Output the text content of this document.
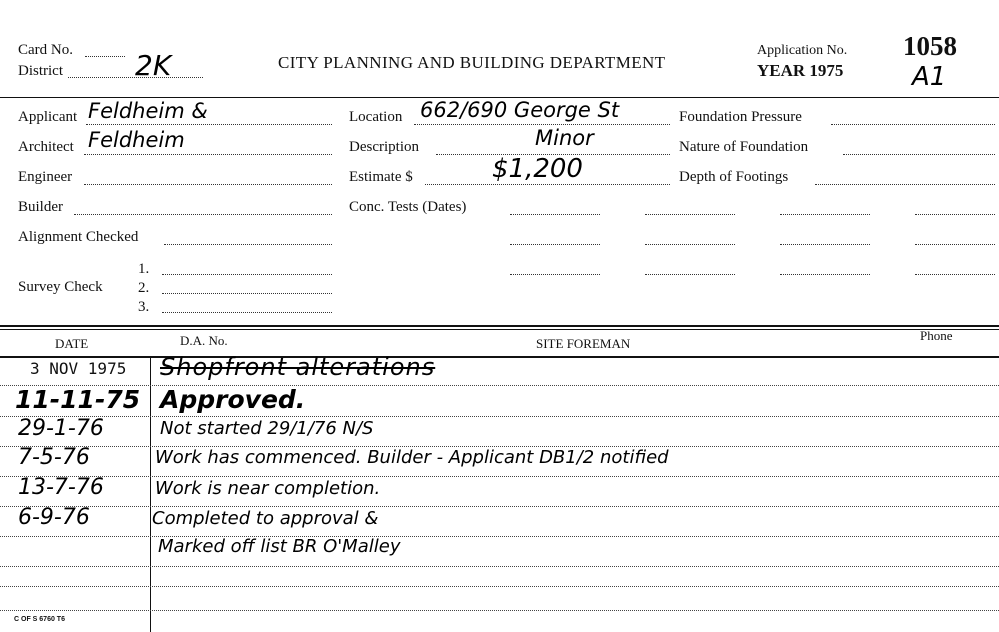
Card No.
District	2K	CITY PLANNING AND BUILDING DEPARTMENT
Application No. 1058
YEAR 1975	A1
Applicant Feldheim &
Architect Feldheim
Engineer
Builder
Alignment Checked
Survey Check
1.
2.
3.
Location 662/690 George St
Description	Minor
Estimate $	$1,200
Conc. Tests (Dates)
Foundation Pressure
Nature of Foundation
Depth of Footings
DATE	D.A. No.	SITE FOREMAN
Phone
3 NOV 1975 Shopfront alterations
11-11-75 Approved.
29-1-76	Not started 29/1/76 N/S
7-5-76	Work has commenced. Builder - Applicant DB1/2 notified
13-7-76	Work is near completion.
6-9-76	Completed to approval &
Marked off list BR O'Malley
C OF S 6760 T6
